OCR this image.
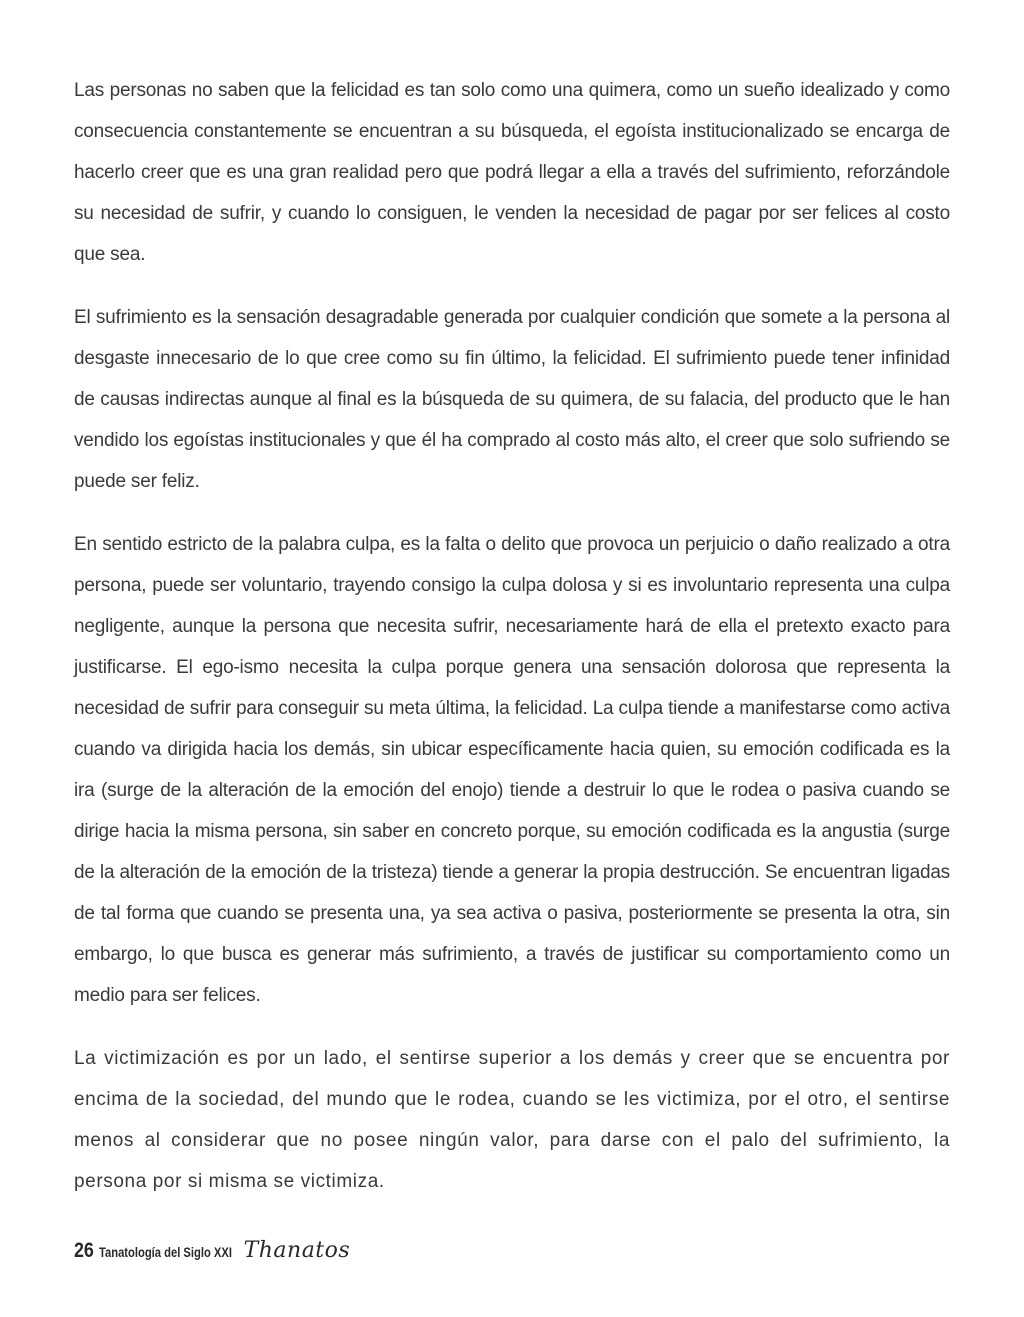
Las personas no saben que la felicidad es tan solo como una quimera, como un sueño idealizado y como consecuencia constantemente se encuentran a su búsqueda, el egoísta institucionalizado se encarga de hacerlo creer que es una gran realidad pero que podrá llegar a ella a través del sufrimiento, reforzándole su necesidad de sufrir, y cuando lo consiguen, le venden la necesidad de pagar por ser felices al costo que sea.

El sufrimiento es la sensación desagradable generada por cualquier condición que somete a la persona al desgaste innecesario de lo que cree como su fin último, la felicidad. El sufrimiento puede tener infinidad de causas indirectas aunque al final es la búsqueda de su quimera, de su falacia, del producto que le han vendido los egoístas institucionales y que él ha comprado al costo más alto, el creer que solo sufriendo se puede ser feliz.

En sentido estricto de la palabra culpa, es la falta o delito que provoca un perjuicio o daño realizado a otra persona, puede ser voluntario, trayendo consigo la culpa dolosa y si es involuntario representa una culpa negligente, aunque la persona que necesita sufrir, necesariamente hará de ella el pretexto exacto para justificarse. El ego-ismo necesita la culpa porque genera una sensación dolorosa que representa la necesidad de sufrir para conseguir su meta última, la felicidad. La culpa tiende a manifestarse como activa cuando va dirigida hacia los demás, sin ubicar específicamente hacia quien, su emoción codificada es la ira (surge de la alteración de la emoción del enojo) tiende a destruir lo que le rodea o pasiva cuando se dirige hacia la misma persona, sin saber en concreto porque, su emoción codificada es la angustia (surge de la alteración de la emoción de la tristeza) tiende a generar la propia destrucción. Se encuentran ligadas de tal forma que cuando se presenta una, ya sea activa o pasiva, posteriormente se presenta la otra, sin embargo, lo que busca es generar más sufrimiento, a través de justificar su comportamiento como un medio para ser felices.

La victimización es por un lado, el sentirse superior a los demás y creer que se encuentra por encima de la sociedad, del mundo que le rodea, cuando se les victimiza, por el otro, el sentirse menos al considerar que no posee ningún valor, para darse con el palo del sufrimiento, la persona por si misma se victimiza.

26 Tanatología del Siglo XXI Thanatos
